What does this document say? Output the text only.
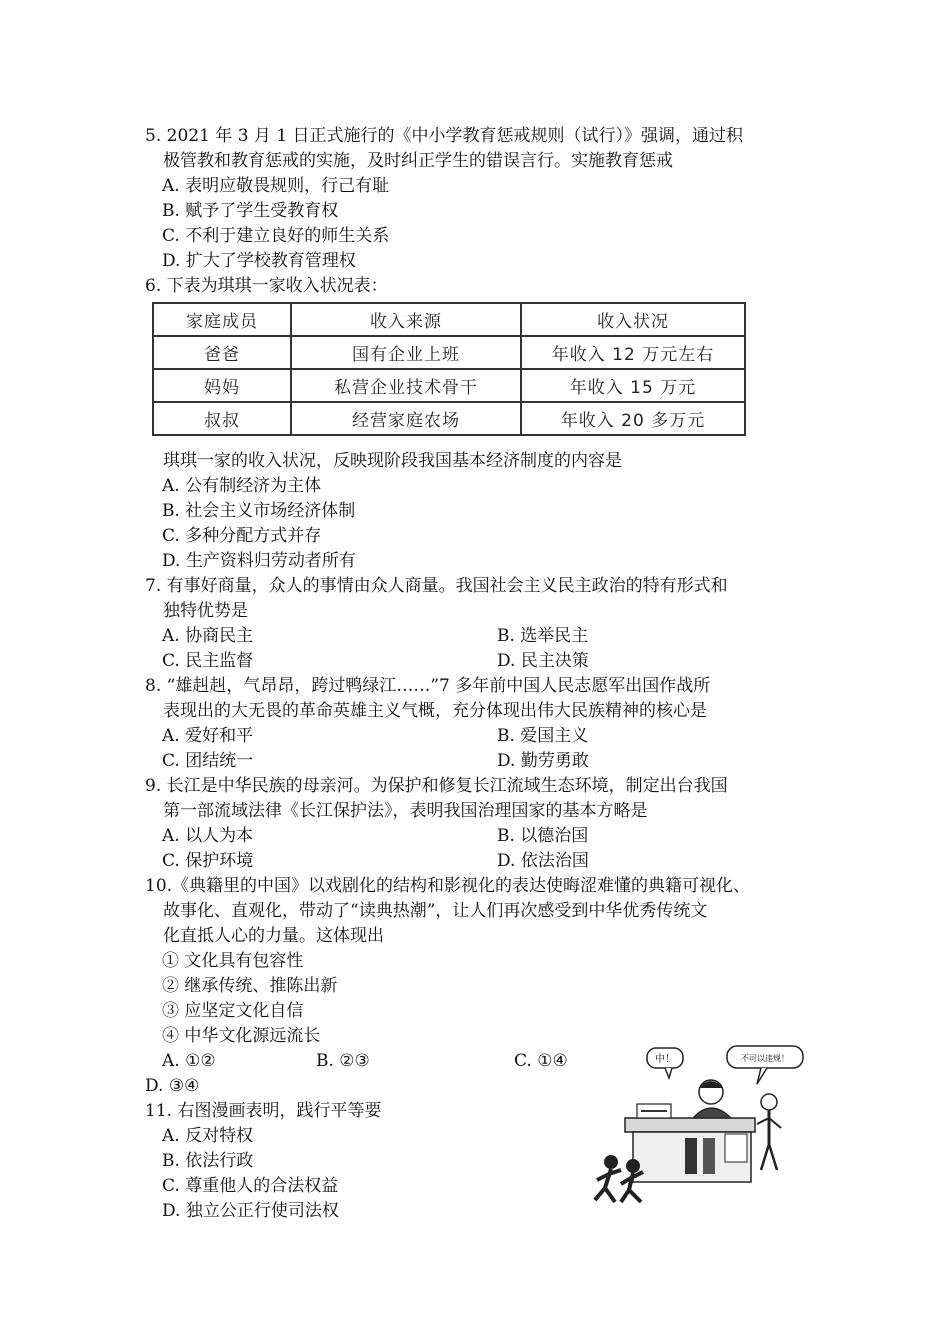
5. 2021 年 3 月 1 日正式施行的《中小学教育惩戒规则（试行）》强调，通过积
极管教和教育惩戒的实施，及时纠正学生的错误言行。实施教育惩戒
A. 表明应敬畏规则，行己有耻
B. 赋予了学生受教育权
C. 不利于建立良好的师生关系
D. 扩大了学校教育管理权
6. 下表为琪琪一家收入状况表：
家庭成员	收入来源	收入状况
爸爸	国有企业上班	年收入 12 万元左右
妈妈	私营企业技术骨干	年收入 15 万元
叔叔	经营家庭农场	年收入 20 多万元
琪琪一家的收入状况，反映现阶段我国基本经济制度的内容是
A. 公有制经济为主体
B. 社会主义市场经济体制
C. 多种分配方式并存
D. 生产资料归劳动者所有
7. 有事好商量，众人的事情由众人商量。我国社会主义民主政治的特有形式和
独特优势是
A. 协商民主	B. 选举民主
C. 民主监督	D. 民主决策
8. “雄赳赳，气昂昂，跨过鸭绿江……”7 多年前中国人民志愿军出国作战所
表现出的大无畏的革命英雄主义气概，充分体现出伟大民族精神的核心是
A. 爱好和平	B. 爱国主义
C. 团结统一	D. 勤劳勇敢
9. 长江是中华民族的母亲河。为保护和修复长江流域生态环境，制定出台我国
第一部流域法律《长江保护法》，表明我国治理国家的基本方略是
A. 以人为本	B. 以德治国
C. 保护环境	D. 依法治国
10.《典籍里的中国》以戏剧化的结构和影视化的表达使晦涩难懂的典籍可视化、
故事化、直观化，带动了“读典热潮”，让人们再次感受到中华优秀传统文
化直抵人心的力量。这体现出
① 文化具有包容性
② 继承传统、推陈出新
③ 应坚定文化自信
④ 中华文化源远流长
A. ①②	B. ②③	C. ①④
D. ③④
11. 右图漫画表明，践行平等要
A. 反对特权
B. 依法行政
C. 尊重他人的合法权益
D. 独立公正行使司法权
中！	不可以违规！
